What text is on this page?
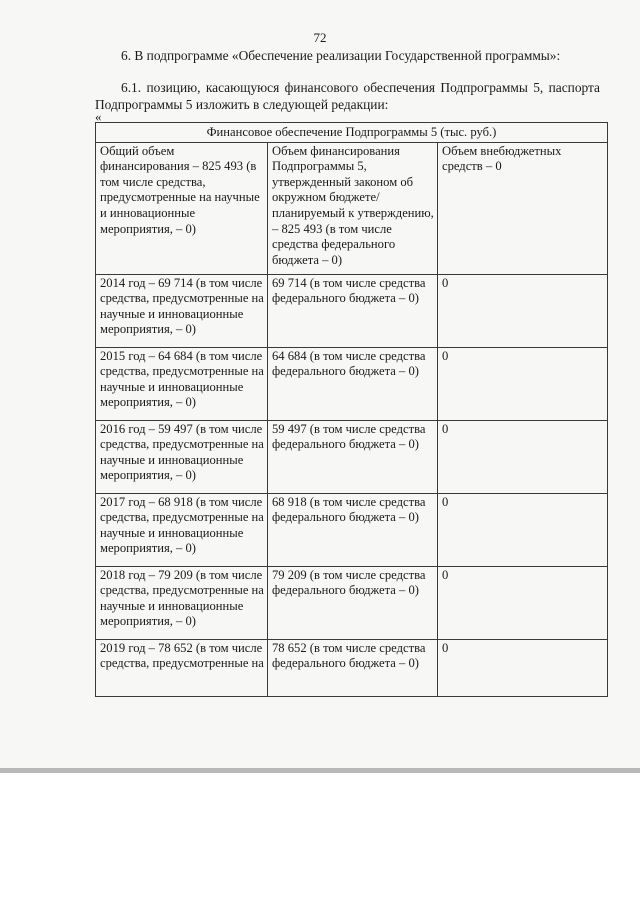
72
6. В подпрограмме «Обеспечение реализации Государственной программы»:
6.1. позицию, касающуюся финансового обеспечения Подпрограммы 5, паспорта Подпрограммы 5 изложить в следующей редакции:
«
Финансовое обеспечение Подпрограммы 5 (тыс. руб.)		
Общий объем финансирования – 825 493 (в том числе средства, предусмотренные на научные и инновационные мероприятия, – 0)	Объем финансирования Подпрограммы 5, утвержденный законом об окружном бюджете/ планируемый к утверждению, – 825 493 (в том числе средства федерального бюджета – 0)	Объем внебюджетных средств – 0
2014 год – 69 714 (в том числе средства, предусмотренные на научные и инновационные мероприятия, – 0)	69 714 (в том числе средства федерального бюджета – 0)	0
2015 год – 64 684 (в том числе средства, предусмотренные на научные и инновационные мероприятия, – 0)	64 684 (в том числе средства федерального бюджета – 0)	0
2016 год – 59 497 (в том числе средства, предусмотренные на научные и инновационные мероприятия, – 0)	59 497 (в том числе средства федерального бюджета – 0)	0
2017 год – 68 918 (в том числе средства, предусмотренные на научные и инновационные мероприятия, – 0)	68 918 (в том числе средства федерального бюджета – 0)	0
2018 год – 79 209 (в том числе средства, предусмотренные на научные и инновационные мероприятия, – 0)	79 209 (в том числе средства федерального бюджета – 0)	0
2019 год – 78 652 (в том числе средства, предусмотренные на	78 652 (в том числе средства федерального бюджета – 0)	0
